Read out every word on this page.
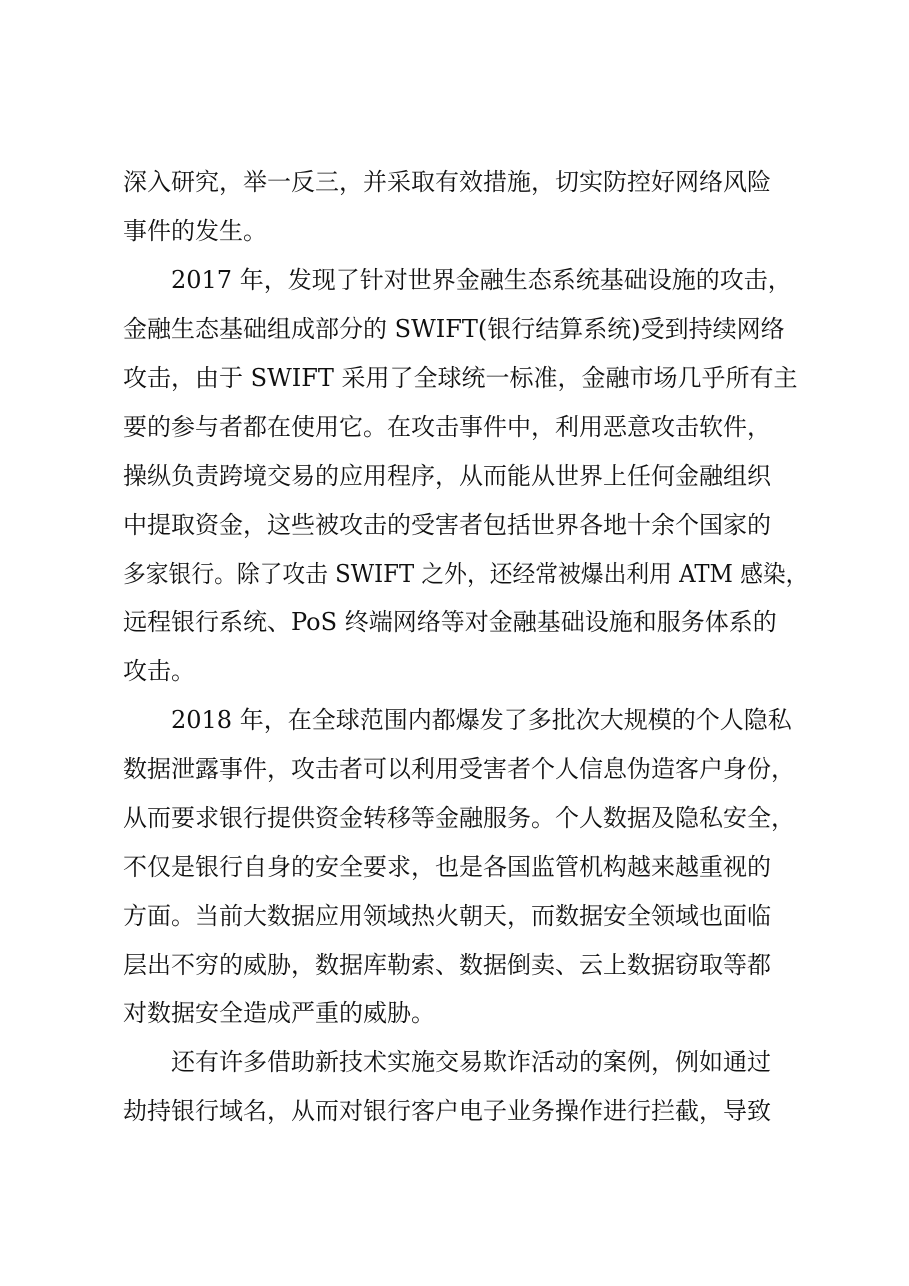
深入研究，举一反三，并采取有效措施，切实防控好网络风险
事件的发生。
2017 年，发现了针对世界金融生态系统基础设施的攻击，
金融生态基础组成部分的 SWIFT(银行结算系统)受到持续网络
攻击，由于 SWIFT 采用了全球统一标准，金融市场几乎所有主
要的参与者都在使用它。在攻击事件中，利用恶意攻击软件，
操纵负责跨境交易的应用程序，从而能从世界上任何金融组织
中提取资金，这些被攻击的受害者包括世界各地十余个国家的
多家银行。除了攻击 SWIFT 之外，还经常被爆出利用 ATM 感染，
远程银行系统、PoS 终端网络等对金融基础设施和服务体系的
攻击。
2018 年，在全球范围内都爆发了多批次大规模的个人隐私
数据泄露事件，攻击者可以利用受害者个人信息伪造客户身份，
从而要求银行提供资金转移等金融服务。个人数据及隐私安全，
不仅是银行自身的安全要求，也是各国监管机构越来越重视的
方面。当前大数据应用领域热火朝天，而数据安全领域也面临
层出不穷的威胁，数据库勒索、数据倒卖、云上数据窃取等都
对数据安全造成严重的威胁。
还有许多借助新技术实施交易欺诈活动的案例，例如通过
劫持银行域名，从而对银行客户电子业务操作进行拦截，导致
